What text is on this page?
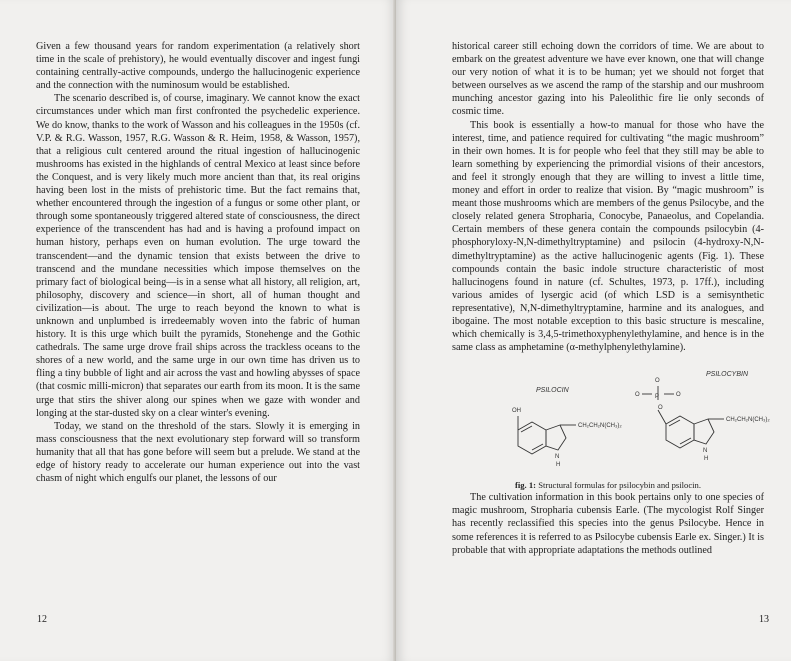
Given a few thousand years for random experimentation (a relatively short time in the scale of prehistory), he would eventually discover and ingest fungi containing centrally-active compounds, undergo the hallucinogenic experience and the connection with the numinosum would be established.

The scenario described is, of course, imaginary. We cannot know the exact circumstances under which man first confronted the psychedelic experience. We do know, thanks to the work of Wasson and his colleagues in the 1950s (cf. V.P. & R.G. Wasson, 1957, R.G. Wasson & R. Heim, 1958, & Wasson, 1957), that a religious cult centered around the ritual ingestion of hallucinogenic mushrooms has existed in the highlands of central Mexico at least since before the Conquest, and is very likely much more ancient than that, its real origins having been lost in the mists of prehistoric time. But the fact remains that, whether encountered through the ingestion of a fungus or some other plant, or through some spontaneously triggered altered state of consciousness, the direct experience of the transcendent has had and is having a profound impact on human history, perhaps even on human evolution. The urge toward the transcendent—and the dynamic tension that exists between the drive to transcend and the mundane necessities which impose themselves on the primary fact of biological being—is in a sense what all history, all religion, art, philosophy, discovery and science—in short, all of human thought and civilization—is about. The urge to reach beyond the known to what is unknown and unplumbed is irredeemably woven into the fabric of human history. It is this urge which built the pyramids, Stonehenge and the Gothic cathedrals. The same urge drove frail ships across the trackless oceans to the shores of a new world, and the same urge in our own time has driven us to fling a tiny bubble of light and air across the vast and howling abysses of space (that cosmic milli-micron) that separates our earth from its moon. It is the same urge that stirs the shiver along our spines when we gaze with wonder and longing at the star-dusted sky on a clear winter's evening.

Today, we stand on the threshold of the stars. Slowly it is emerging in mass consciousness that the next evolutionary step forward will so transform humanity that all that has gone before will seem but a prelude. We stand at the edge of history ready to accelerate our human experience out into the vast chasm of night which engulfs our planet, the lessons of our

12

historical career still echoing down the corridors of time. We are about to embark on the greatest adventure we have ever known, one that will change our very notion of what it is to be human; yet we should not forget that between ourselves as we ascend the ramp of the starship and our mushroom munching ancestor gazing into his Paleolithic fire lie only seconds of cosmic time.

This book is essentially a how-to manual for those who have the interest, time, and patience required for cultivating “the magic mushroom” in their own homes. It is for people who feel that they still may be able to learn something by experiencing the primordial visions of their ancestors, and feel it strongly enough that they are willing to invest a little time, money and effort in order to realize that vision. By “magic mushroom” is meant those mushrooms which are members of the genus Psilocybe, and the closely related genera Stropharia, Conocybe, Panaeolus, and Copelandia. Certain members of these genera contain the compounds psilocybin (4-phosphoryloxy-N,N-dimethyltryptamine) and psilocin (4-hydroxy-N,N-dimethyltryptamine) as the active hallucinogenic agents (Fig. 1). These compounds contain the basic indole structure characteristic of most hallucinogens found in nature (cf. Schultes, 1973, p. 17ff.), including various amides of lysergic acid (of which LSD is a semisynthetic representative), N,N-dimethyltryptamine, harmine and its analogues, and ibogaine. The most notable exception to this basic structure is mescaline, which chemically is 3,4,5-trimethoxyphenylethylamine, and hence is in the same class as amphetamine (α-methylphenylethylamine).

PSILOCIN
OH
CH₂CH₂N(CH₃)₂
N
H
PSILOCYBIN
P
O
O	O
O
CH₂CH₂N(CH₃)₂
N
H

fig. 1: Structural formulas for psilocybin and psilocin.

The cultivation information in this book pertains only to one species of magic mushroom, Stropharia cubensis Earle. (The mycologist Rolf Singer has recently reclassified this species into the genus Psilocybe. Hence in some references it is referred to as Psilocybe cubensis Earle ex. Singer.) It is probable that with appropriate adaptations the methods outlined

13
